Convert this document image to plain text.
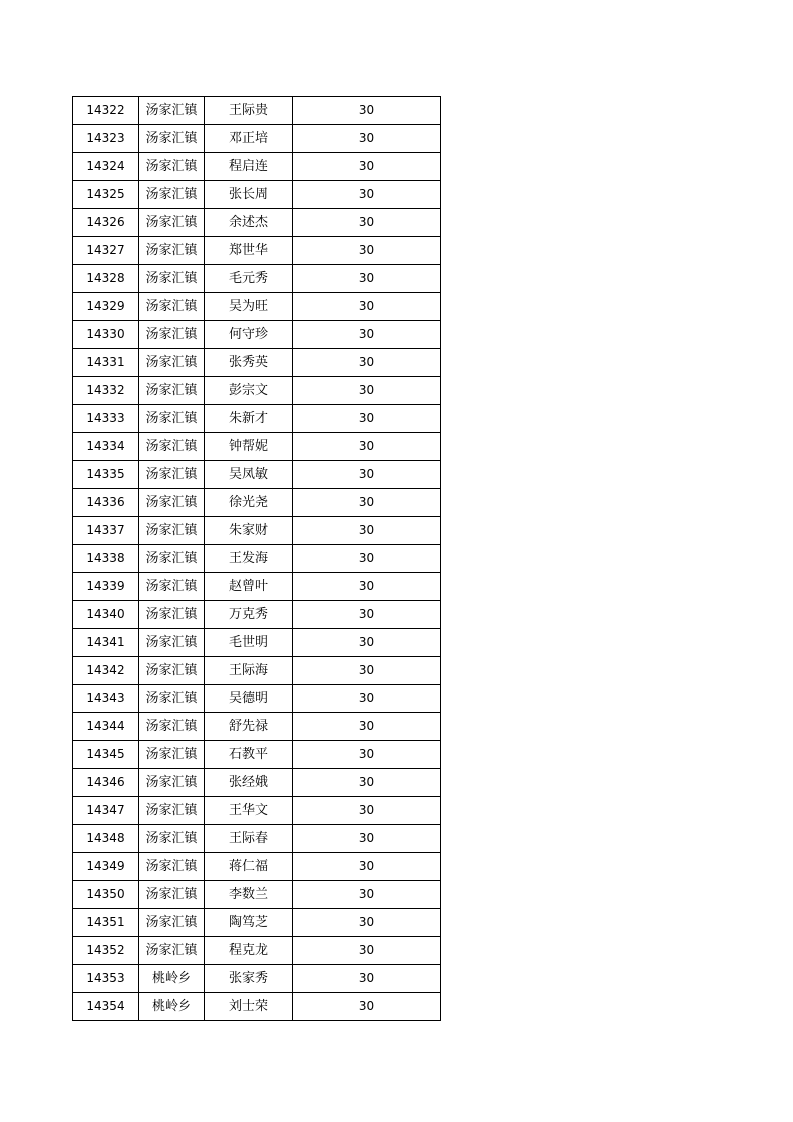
14322	汤家汇镇	王际贵	30
14323	汤家汇镇	邓正培	30
14324	汤家汇镇	程启连	30
14325	汤家汇镇	张长周	30
14326	汤家汇镇	余述杰	30
14327	汤家汇镇	郑世华	30
14328	汤家汇镇	毛元秀	30
14329	汤家汇镇	吴为旺	30
14330	汤家汇镇	何守珍	30
14331	汤家汇镇	张秀英	30
14332	汤家汇镇	彭宗文	30
14333	汤家汇镇	朱新才	30
14334	汤家汇镇	钟帮妮	30
14335	汤家汇镇	吴凤敏	30
14336	汤家汇镇	徐光尧	30
14337	汤家汇镇	朱家财	30
14338	汤家汇镇	王发海	30
14339	汤家汇镇	赵曾叶	30
14340	汤家汇镇	万克秀	30
14341	汤家汇镇	毛世明	30
14342	汤家汇镇	王际海	30
14343	汤家汇镇	吴德明	30
14344	汤家汇镇	舒先禄	30
14345	汤家汇镇	石教平	30
14346	汤家汇镇	张经娥	30
14347	汤家汇镇	王华文	30
14348	汤家汇镇	王际春	30
14349	汤家汇镇	蒋仁福	30
14350	汤家汇镇	李数兰	30
14351	汤家汇镇	陶笃芝	30
14352	汤家汇镇	程克龙	30
14353	桃岭乡	张家秀	30
14354	桃岭乡	刘士荣	30
